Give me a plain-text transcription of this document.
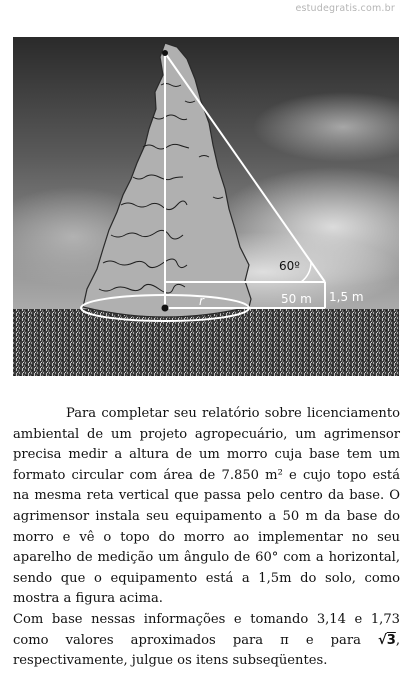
estudegratis.com.br
60º
50 m 1,5 m
r

Para completar seu relatório sobre licenciamento ambiental de um projeto agropecuário, um agrimensor precisa medir a altura de um morro cuja base tem um formato circular com área de 7.850 m² e cujo topo está na mesma reta vertical que passa pelo centro da base. O agrimensor instala seu equipamento a 50 m da base do morro e vê o topo do morro ao implementar no seu aparelho de medição um ângulo de 60° com a horizontal, sendo que o equipamento está a 1,5m do solo, como mostra a figura acima.

Com base nessas informações e tomando 3,14 e 1,73 como valores aproximados para π e para √3, respectivamente, julgue os itens subseqüentes.
